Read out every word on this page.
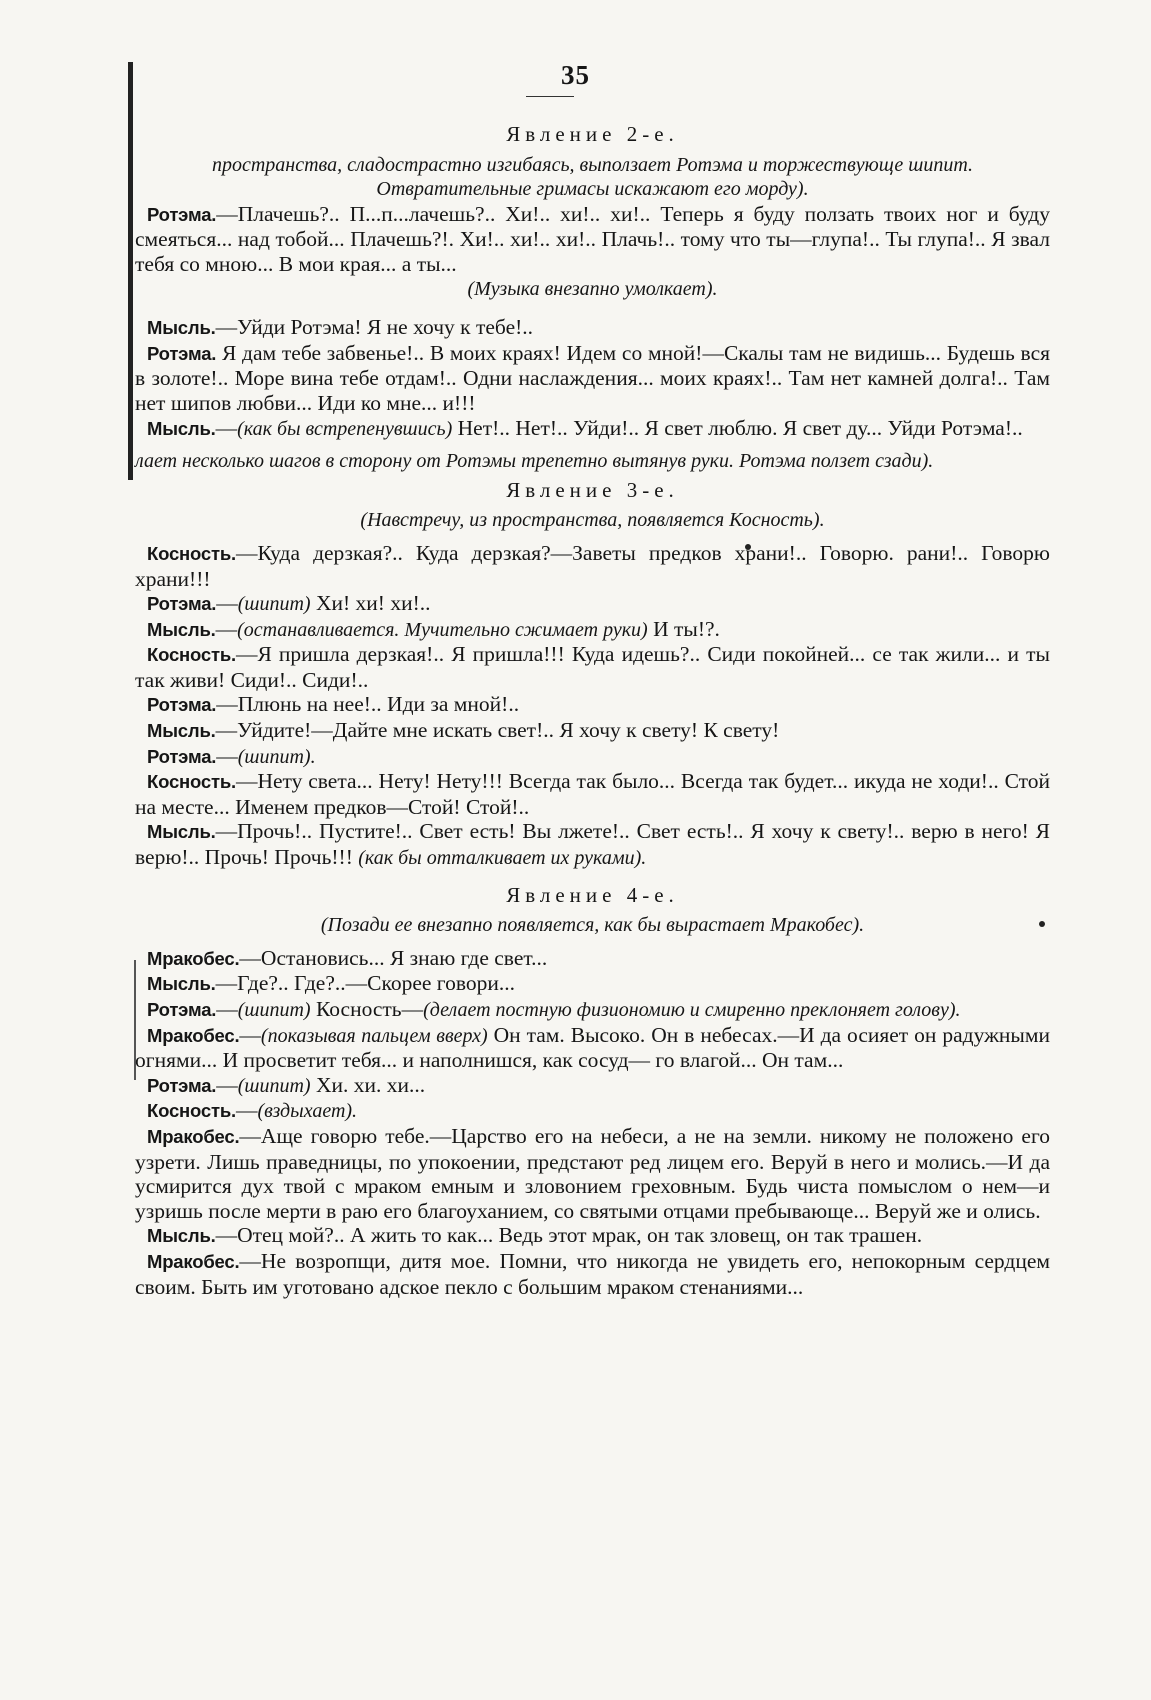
35

Явление 2-е.

пространства, сладострастно изгибаясь, выползает Ротэма и торжествующе шипит. Отвратительные гримасы искажают его морду).

Ротэма.—Плачешь?.. П...п...лачешь?.. Хи!.. хи!.. хи!.. Теперь я буду ползать твоих ног и буду смеяться... над тобой... Плачешь?!. Хи!.. хи!.. хи!.. Плачь!.. тому что ты—глупа!.. Ты глупа!.. Я звал тебя со мною... В мои края... а ты...

(Музыка внезапно умолкает).

Мысль.—Уйди Ротэма! Я не хочу к тебе!..

Ротэма. Я дам тебе забвенье!.. В моих краях! Идем со мной!—Скалы там не видишь... Будешь вся в золоте!.. Море вина тебе отдам!.. Одни наслаждения... моих краях!.. Там нет камней долга!.. Там нет шипов любви... Иди ко мне... и!!!

Мысль.—(как бы встрепенувшись) Нет!.. Нет!.. Уйди!.. Я свет люблю. Я свет ду... Уйди Ротэма!..

лает несколько шагов в сторону от Ротэмы трепетно вытянув руки. Ротэма ползет сзади).

Явление 3-е.

(Навстречу, из пространства, появляется Косность).

Косность.—Куда дерзкая?.. Куда дерзкая?—Заветы предков храни!.. Говорю. рани!.. Говорю храни!!!

Ротэма.—(шипит) Хи! хи! хи!..

Мысль.—(останавливается. Мучительно сжимает руки) И ты!?.

Косность.—Я пришла дерзкая!.. Я пришла!!! Куда идешь?.. Сиди покойней... се так жили... и ты так живи! Сиди!.. Сиди!..

Ротэма.—Плюнь на нее!.. Иди за мной!..

Мысль.—Уйдите!—Дайте мне искать свет!.. Я хочу к свету! К свету!

Ротэма.—(шипит).

Косность.—Нету света... Нету! Нету!!! Всегда так было... Всегда так будет... икуда не ходи!.. Стой на месте... Именем предков—Стой! Стой!..

Мысль.—Прочь!.. Пустите!.. Свет есть! Вы лжете!.. Свет есть!.. Я хочу к свету!.. верю в него! Я верю!.. Прочь! Прочь!!! (как бы отталкивает их руками).

Явление 4-е.

(Позади ее внезапно появляется, как бы вырастает Мракобес).

Мракобес.—Остановись... Я знаю где свет...

Мысль.—Где?.. Где?..—Скорее говори...

Ротэма.—(шипит) Косность—(делает постную физиономию и смиренно преклоняет голову).

Мракобес.—(показывая пальцем вверх) Он там. Высоко. Он в небесах.—И да осияет он радужными огнями... И просветит тебя... и наполнишся, как сосуд— го влагой... Он там...

Ротэма.—(шипит) Хи. хи. хи...

Косность.—(вздыхает).

Мракобес.—Аще говорю тебе.—Царство его на небеси, а не на земли. никому не положено его узрети. Лишь праведницы, по упокоении, предстают ред лицем его. Веруй в него и молись.—И да усмирится дух твой с мраком емным и зловонием греховным. Будь чиста помыслом о нем—и узришь после мерти в раю его благоуханием, со святыми отцами пребывающе... Веруй же и олись.

Мысль.—Отец мой?.. А жить то как... Ведь этот мрак, он так зловещ, он так трашен.

Мракобес.—Не возропщи, дитя мое. Помни, что никогда не увидеть его, непокорным сердцем своим. Быть им уготовано адское пекло с большим мраком стенаниями...
